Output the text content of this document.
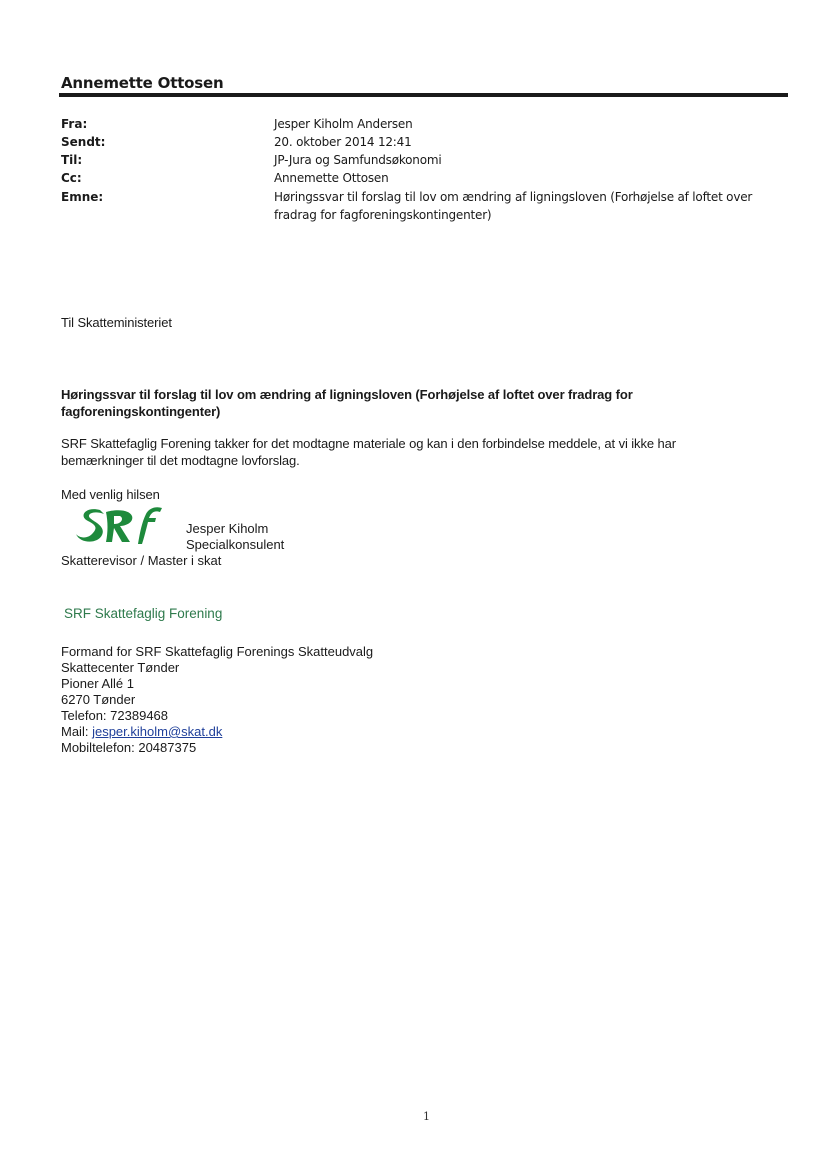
Annemette Ottosen
Fra:	Jesper Kiholm Andersen
Sendt:	20. oktober 2014 12:41
Til:	JP-Jura og Samfundsøkonomi
Cc:	Annemette Ottosen
Emne:	Høringssvar til forslag til lov om ændring af ligningsloven (Forhøjelse af loftet over fradrag for fagforeningskontingenter)
Til Skatteministeriet
Høringssvar til forslag til lov om ændring af ligningsloven (Forhøjelse af loftet over fradrag for fagforeningskontingenter)
SRF Skattefaglig Forening takker for det modtagne materiale og kan i den forbindelse meddele, at vi ikke har bemærkninger til det modtagne lovforslag.
Med venlig hilsen
Jesper Kiholm
Specialkonsulent
Skatterevisor / Master i skat
SRF Skattefaglig Forening
Formand for SRF Skattefaglig Forenings Skatteudvalg
Skattecenter Tønder
Pioner Allé 1
6270 Tønder
Telefon: 72389468
Mail: jesper.kiholm@skat.dk
Mobiltelefon: 20487375
1
